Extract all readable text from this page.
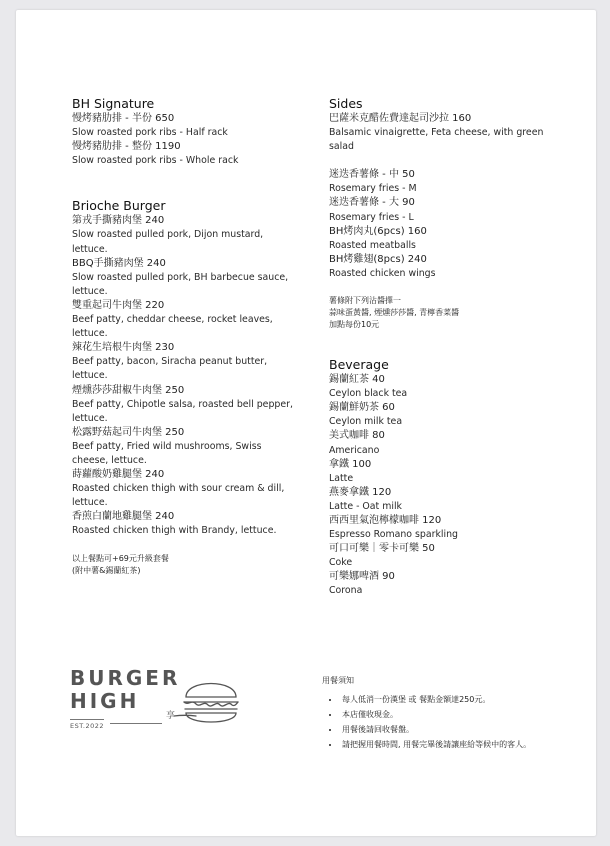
BH Signature
慢烤豬肋排 - 半份 650
Slow roasted pork ribs - Half rack
慢烤豬肋排 - 整份 1190
Slow roasted pork ribs - Whole rack
Brioche Burger
第戎手撕豬肉堡 240
Slow roasted pulled pork, Dijon mustard, lettuce.
BBQ手撕豬肉堡 240
Slow roasted pulled pork, BH barbecue sauce, lettuce.
雙重起司牛肉堡 220
Beef patty, cheddar cheese, rocket leaves, lettuce.
辣花生培根牛肉堡 230
Beef patty, bacon, Siracha peanut butter, lettuce.
煙燻莎莎甜椒牛肉堡 250
Beef patty, Chipotle salsa, roasted bell pepper, lettuce.
松露野菇起司牛肉堡 250
Beef patty, Fried wild mushrooms, Swiss cheese, lettuce.
蒔蘿酸奶雞腿堡 240
Roasted chicken thigh with sour cream & dill, lettuce.
香煎白蘭地雞腿堡 240
Roasted chicken thigh with Brandy, lettuce.
以上餐點可+69元升級套餐
(附中薯&錫蘭紅茶)
Sides
巴薩米克醋佐費達起司沙拉 160
Balsamic vinaigrette, Feta cheese, with green salad
迷迭香薯條 - 中 50
Rosemary fries - M
迷迭香薯條 - 大 90
Rosemary fries - L
BH烤肉丸(6pcs) 160
Roasted meatballs
BH烤雞翅(8pcs) 240
Roasted chicken wings
薯條附下列沾醬擇一
蒜味蛋黃醬, 煙燻莎莎醬, 青檸香菜醬
加點每份10元
Beverage
錫蘭紅茶 40
Ceylon black tea
錫蘭鮮奶茶 60
Ceylon milk tea
美式咖啡 80
Americano
拿鐵 100
Latte
燕麥拿鐵 120
Latte - Oat milk
西西里氣泡檸檬咖啡 120
Espresso Romano sparkling
可口可樂｜零卡可樂 50
Coke
可樂娜啤酒 90
Corona
BURGER
HIGH
EST.2022
享
用餐須知
• 每人低消一份漢堡 或 餐點金額達250元。
• 本店僅收現金。
• 用餐後請回收餐盤。
• 請把握用餐時間, 用餐完畢後請讓座給等候中的客人。
